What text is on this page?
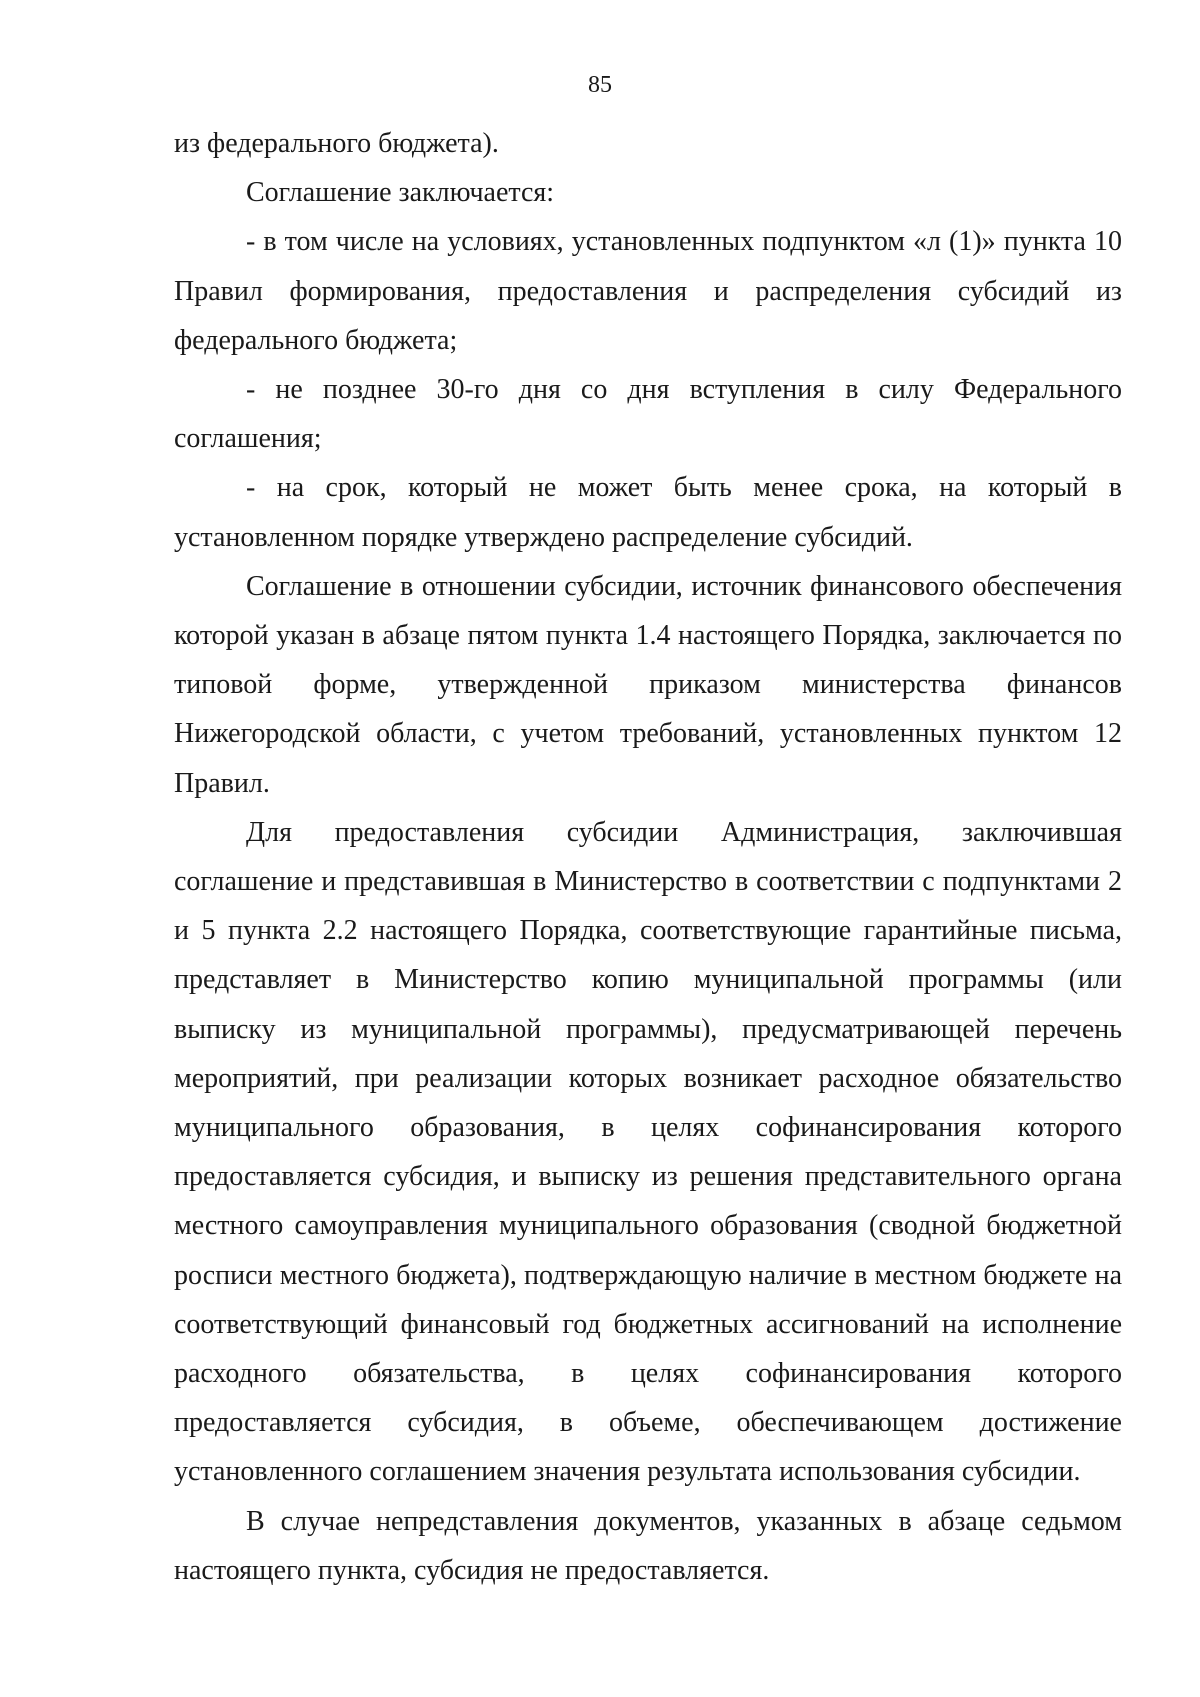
85

из федерального бюджета).

Соглашение заключается:

- в том числе на условиях, установленных подпунктом «л (1)» пункта 10 Правил формирования, предоставления и распределения субсидий из федерального бюджета;

- не позднее 30-го дня со дня вступления в силу Федерального соглашения;

- на срок, который не может быть менее срока, на который в установленном порядке утверждено распределение субсидий.

Соглашение в отношении субсидии, источник финансового обеспечения которой указан в абзаце пятом пункта 1.4 настоящего Порядка, заключается по типовой форме, утвержденной приказом министерства финансов Нижегородской области, с учетом требований, установленных пунктом 12 Правил.

Для предоставления субсидии Администрация, заключившая соглашение и представившая в Министерство в соответствии с подпунктами 2 и 5 пункта 2.2 настоящего Порядка, соответствующие гарантийные письма, представляет в Министерство копию муниципальной программы (или выписку из муниципальной программы), предусматривающей перечень мероприятий, при реализации которых возникает расходное обязательство муниципального образования, в целях софинансирования которого предоставляется субсидия, и выписку из решения представительного органа местного самоуправления муниципального образования (сводной бюджетной росписи местного бюджета), подтверждающую наличие в местном бюджете на соответствующий финансовый год бюджетных ассигнований на исполнение расходного обязательства, в целях софинансирования которого предоставляется субсидия, в объеме, обеспечивающем достижение установленного соглашением значения результата использования субсидии.

В случае непредставления документов, указанных в абзаце седьмом настоящего пункта, субсидия не предоставляется.
